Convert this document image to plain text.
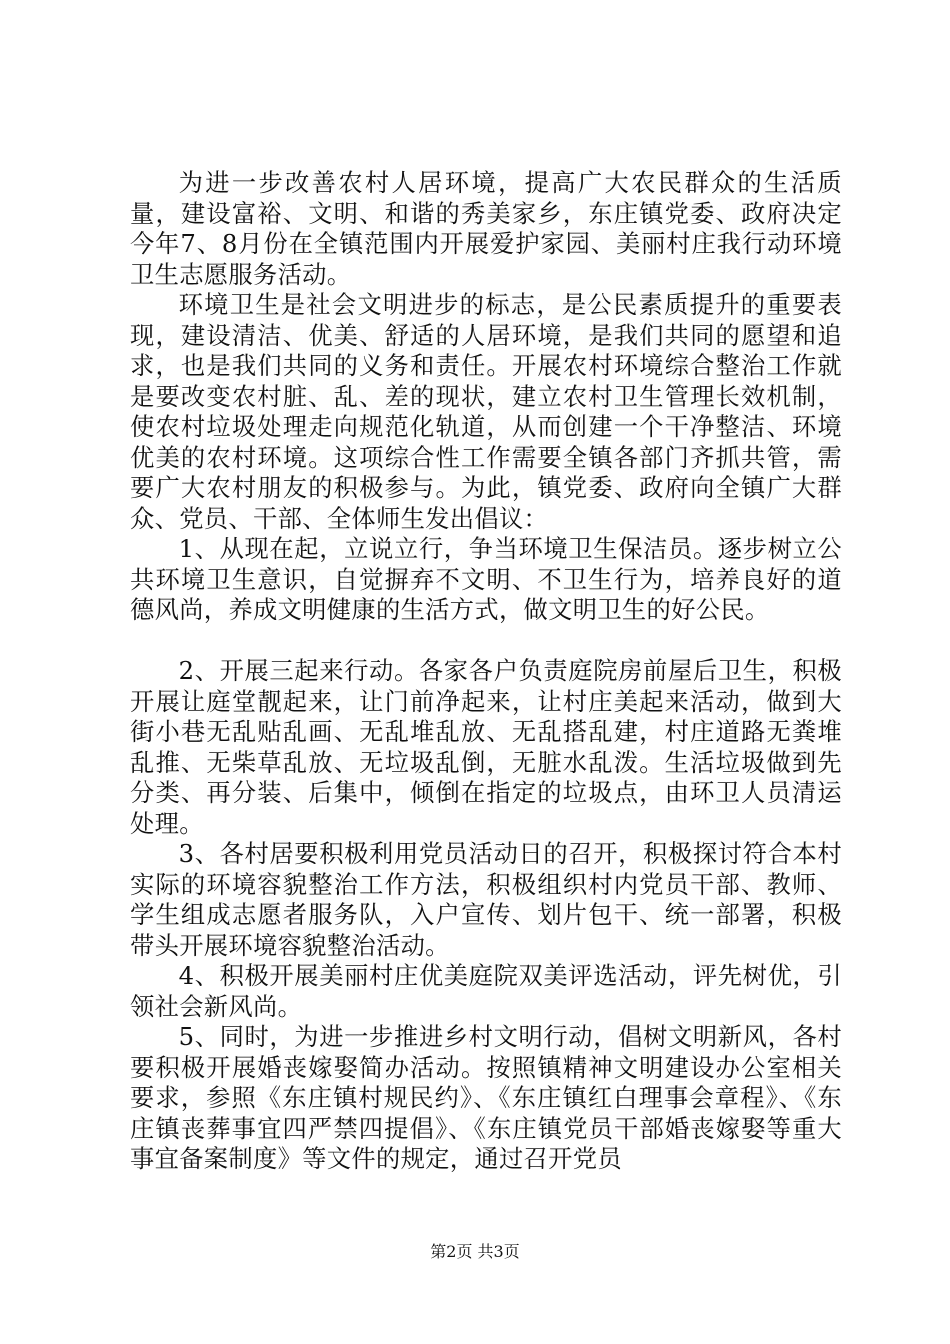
为进一步改善农村人居环境，提高广大农民群众的生活质量，建设富裕、文明、和谐的秀美家乡，东庄镇党委、政府决定今年7、8月份在全镇范围内开展爱护家园、美丽村庄我行动环境卫生志愿服务活动。

环境卫生是社会文明进步的标志，是公民素质提升的重要表现，建设清洁、优美、舒适的人居环境，是我们共同的愿望和追求，也是我们共同的义务和责任。开展农村环境综合整治工作就是要改变农村脏、乱、差的现状，建立农村卫生管理长效机制，使农村垃圾处理走向规范化轨道，从而创建一个干净整洁、环境优美的农村环境。这项综合性工作需要全镇各部门齐抓共管，需要广大农村朋友的积极参与。为此，镇党委、政府向全镇广大群众、党员、干部、全体师生发出倡议：

1、从现在起，立说立行，争当环境卫生保洁员。逐步树立公共环境卫生意识，自觉摒弃不文明、不卫生行为，培养良好的道德风尚，养成文明健康的生活方式，做文明卫生的好公民。

2、开展三起来行动。各家各户负责庭院房前屋后卫生，积极开展让庭堂靓起来，让门前净起来，让村庄美起来活动，做到大街小巷无乱贴乱画、无乱堆乱放、无乱搭乱建，村庄道路无粪堆乱推、无柴草乱放、无垃圾乱倒，无脏水乱泼。生活垃圾做到先分类、再分装、后集中，倾倒在指定的垃圾点，由环卫人员清运处理。

3、各村居要积极利用党员活动日的召开，积极探讨符合本村实际的环境容貌整治工作方法，积极组织村内党员干部、教师、学生组成志愿者服务队，入户宣传、划片包干、统一部署，积极带头开展环境容貌整治活动。

4、积极开展美丽村庄优美庭院双美评选活动，评先树优，引领社会新风尚。

5、同时，为进一步推进乡村文明行动，倡树文明新风，各村要积极开展婚丧嫁娶简办活动。按照镇精神文明建设办公室相关要求，参照《东庄镇村规民约》、《东庄镇红白理事会章程》、《东庄镇丧葬事宜四严禁四提倡》、《东庄镇党员干部婚丧嫁娶等重大事宜备案制度》等文件的规定，通过召开党员

第2页 共3页
